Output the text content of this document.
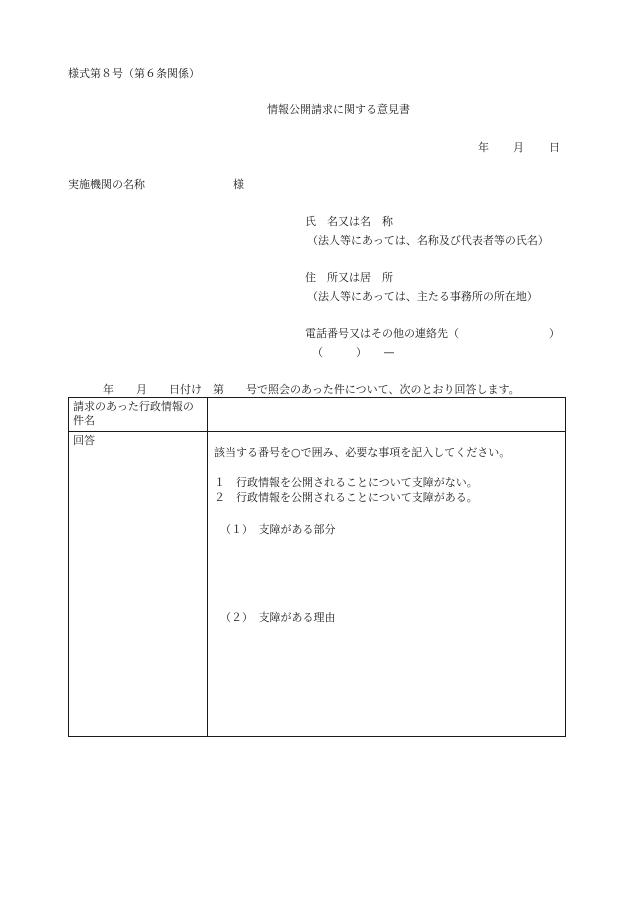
様式第８号（第６条関係）
情報公開請求に関する意見書
年 月 日
実施機関の名称	様
氏　名又は名　称
（法人等にあっては、名称及び代表者等の氏名）
住　所又は居　所
（法人等にあっては、主たる事務所の所在地）
電話番号又はその他の連絡先（	）
（　　　）　　—
年　　月　　日付け　第　　号で照会のあった件について、次のとおり回答します。
請求のあった行政情報の件名	

回答	該当する番号を○で囲み、必要な事項を記入してください。
１　行政情報を公開されることについて支障がない。
２　行政情報を公開されることについて支障がある。
（１）　支障がある部分
（２）　支障がある理由
